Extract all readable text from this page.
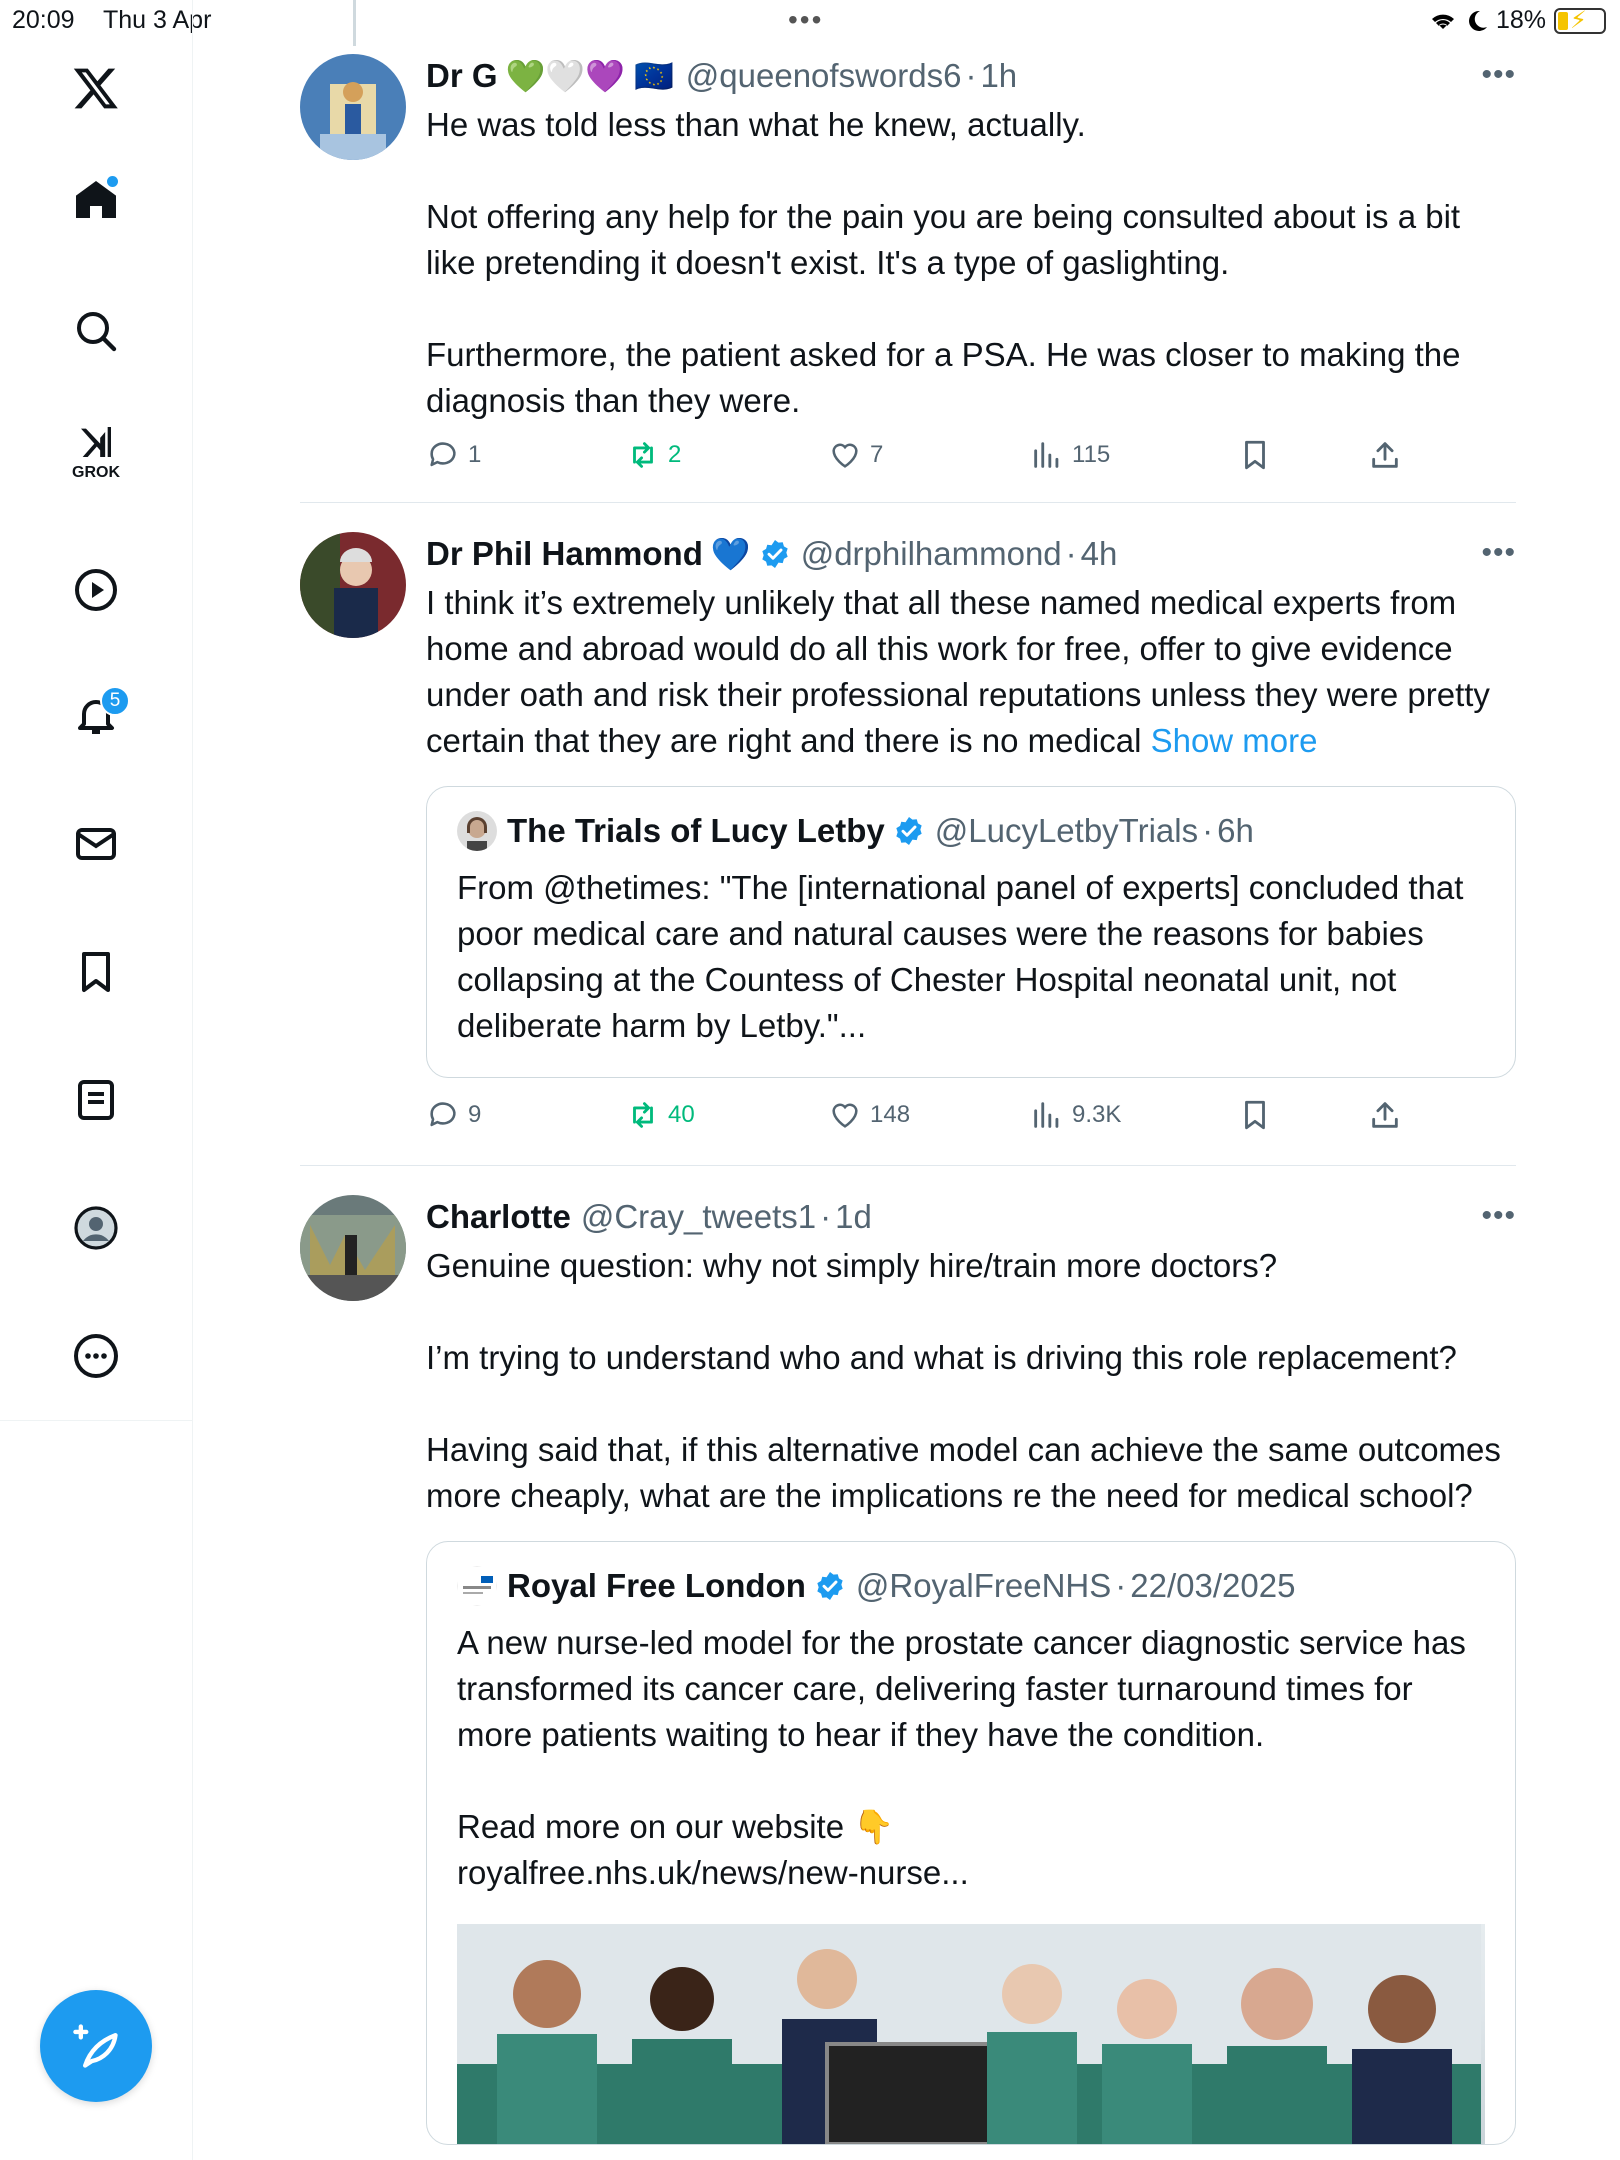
20:09 Thu 3 Apr	•••	18% ⚡
GROK
5
Dr G 💚🤍💜 🇪🇺 @queenofswords6 · 1h	•••
He was told less than what he knew, actually.

Not offering any help for the pain you are being consulted about is a bit like pretending it doesn't exist. It's a type of gaslighting.

Furthermore, the patient asked for a PSA. He was closer to making the diagnosis than they were.
1	2	7	115
Dr Phil Hammond 💙 @drphilhammond · 4h	•••
I think it’s extremely unlikely that all these named medical experts from home and abroad would do all this work for free, offer to give evidence under oath and risk their professional reputations unless they were pretty certain that they are right and there is no medical Show more
The Trials of Lucy Letby @LucyLetbyTrials · 6h
From @thetimes: "The [international panel of experts] concluded that poor medical care and natural causes were the reasons for babies collapsing at the Countess of Chester Hospital neonatal unit, not deliberate harm by Letby."...
9	40	148	9.3K
Charlotte @Cray_tweets1 · 1d	•••
Genuine question: why not simply hire/train more doctors?

I’m trying to understand who and what is driving this role replacement?

Having said that, if this alternative model can achieve the same outcomes more cheaply, what are the implications re the need for medical school?
Royal Free London @RoyalFreeNHS · 22/03/2025
A new nurse-led model for the prostate cancer diagnostic service has transformed its cancer care, delivering faster turnaround times for more patients waiting to hear if they have the condition.

Read more on our website 👇
royalfree.nhs.uk/news/new-nurse...
